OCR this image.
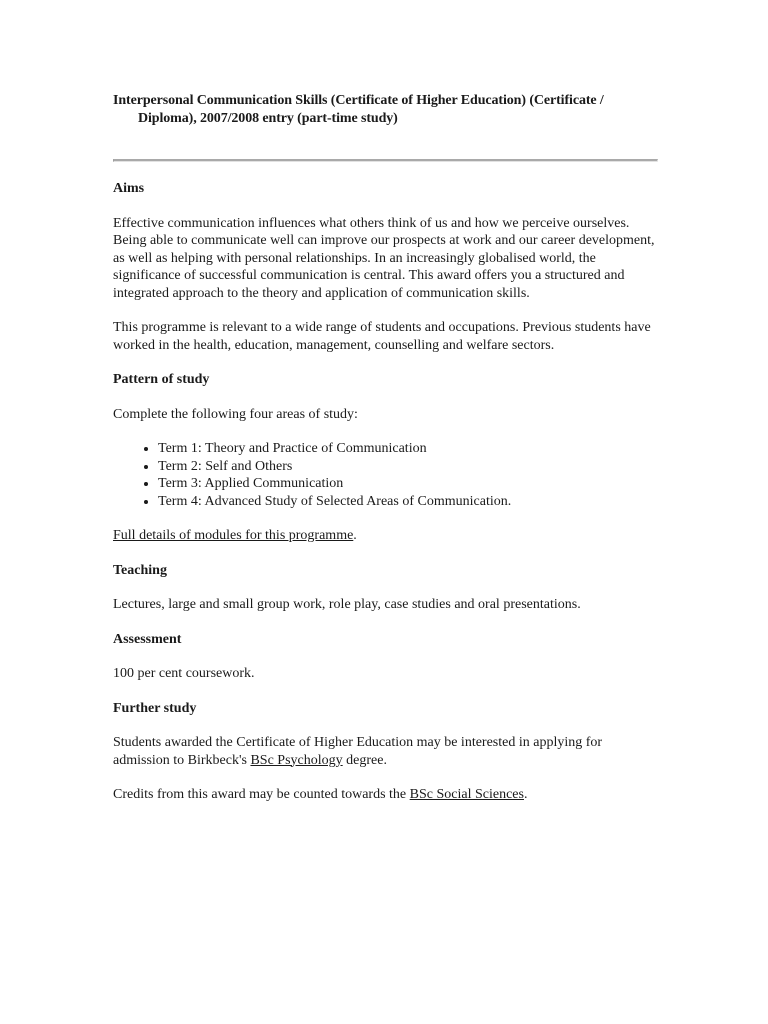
Interpersonal Communication Skills (Certificate of Higher Education) (Certificate / Diploma), 2007/2008 entry (part-time study)

Aims

Effective communication influences what others think of us and how we perceive ourselves. Being able to communicate well can improve our prospects at work and our career development, as well as helping with personal relationships. In an increasingly globalised world, the significance of successful communication is central. This award offers you a structured and integrated approach to the theory and application of communication skills.

This programme is relevant to a wide range of students and occupations. Previous students have worked in the health, education, management, counselling and welfare sectors.

Pattern of study

Complete the following four areas of study:

• Term 1: Theory and Practice of Communication
• Term 2: Self and Others
• Term 3: Applied Communication
• Term 4: Advanced Study of Selected Areas of Communication.

Full details of modules for this programme.

Teaching

Lectures, large and small group work, role play, case studies and oral presentations.

Assessment

100 per cent coursework.

Further study

Students awarded the Certificate of Higher Education may be interested in applying for admission to Birkbeck's BSc Psychology degree.

Credits from this award may be counted towards the BSc Social Sciences.
